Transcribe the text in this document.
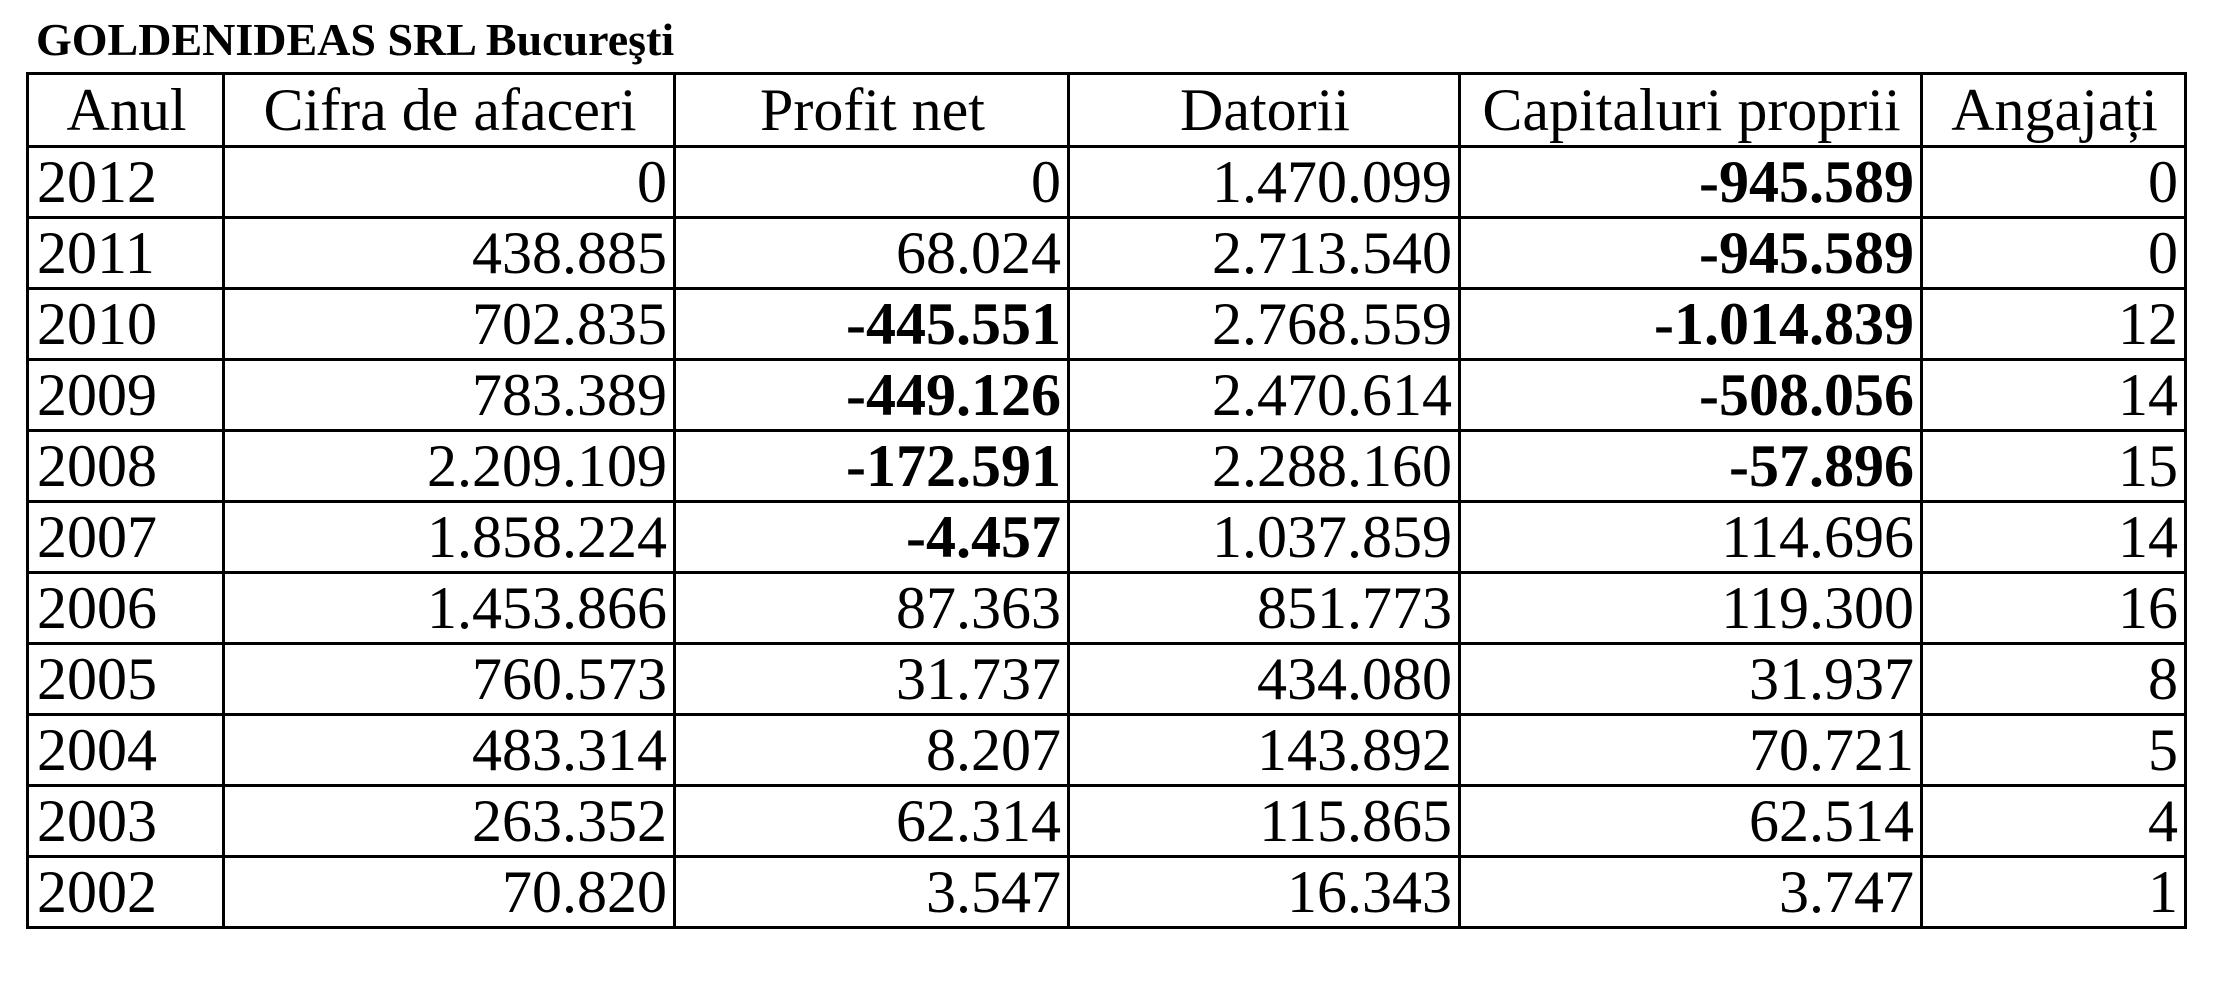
GOLDENIDEAS SRL Bucureşti
Anul	Cifra de afaceri	Profit net	Datorii	Capitaluri proprii	Angajați
2012	0	0	1.470.099	-945.589	0
2011	438.885	68.024	2.713.540	-945.589	0
2010	702.835	-445.551	2.768.559	-1.014.839	12
2009	783.389	-449.126	2.470.614	-508.056	14
2008	2.209.109	-172.591	2.288.160	-57.896	15
2007	1.858.224	-4.457	1.037.859	114.696	14
2006	1.453.866	87.363	851.773	119.300	16
2005	760.573	31.737	434.080	31.937	8
2004	483.314	8.207	143.892	70.721	5
2003	263.352	62.314	115.865	62.514	4
2002	70.820	3.547	16.343	3.747	1
